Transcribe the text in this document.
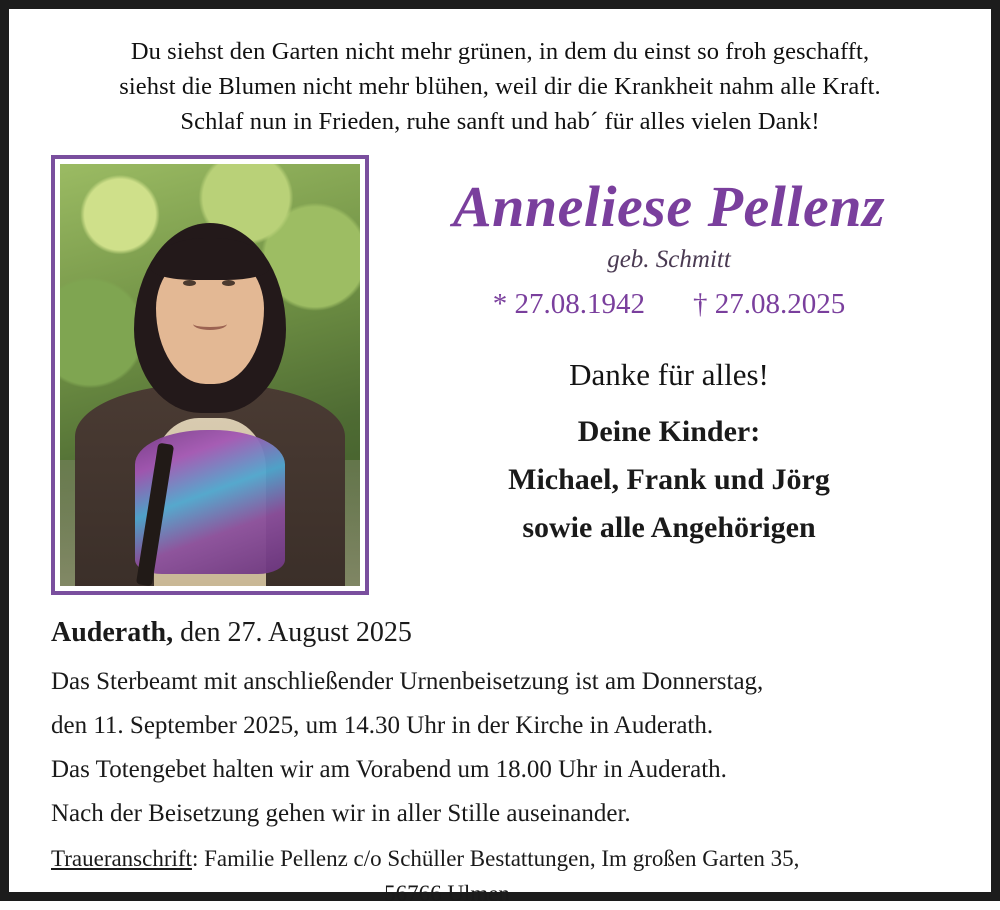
Du siehst den Garten nicht mehr grünen, in dem du einst so froh geschafft,
siehst die Blumen nicht mehr blühen, weil dir die Krankheit nahm alle Kraft.
Schlaf nun in Frieden, ruhe sanft und hab´ für alles vielen Dank!
Anneliese Pellenz
geb. Schmitt
* 27.08.1942 † 27.08.2025
Danke für alles!
Deine Kinder:
Michael, Frank und Jörg
sowie alle Angehörigen
Auderath, den 27. August 2025

Das Sterbeamt mit anschließender Urnenbeisetzung ist am Donnerstag,

den 11. September 2025, um 14.30 Uhr in der Kirche in Auderath.

Das Totengebet halten wir am Vorabend um 18.00 Uhr in Auderath.

Nach der Beisetzung gehen wir in aller Stille auseinander.

Traueranschrift: Familie Pellenz c/o Schüller Bestattungen, Im großen Garten 35,
56766 Ulmen
